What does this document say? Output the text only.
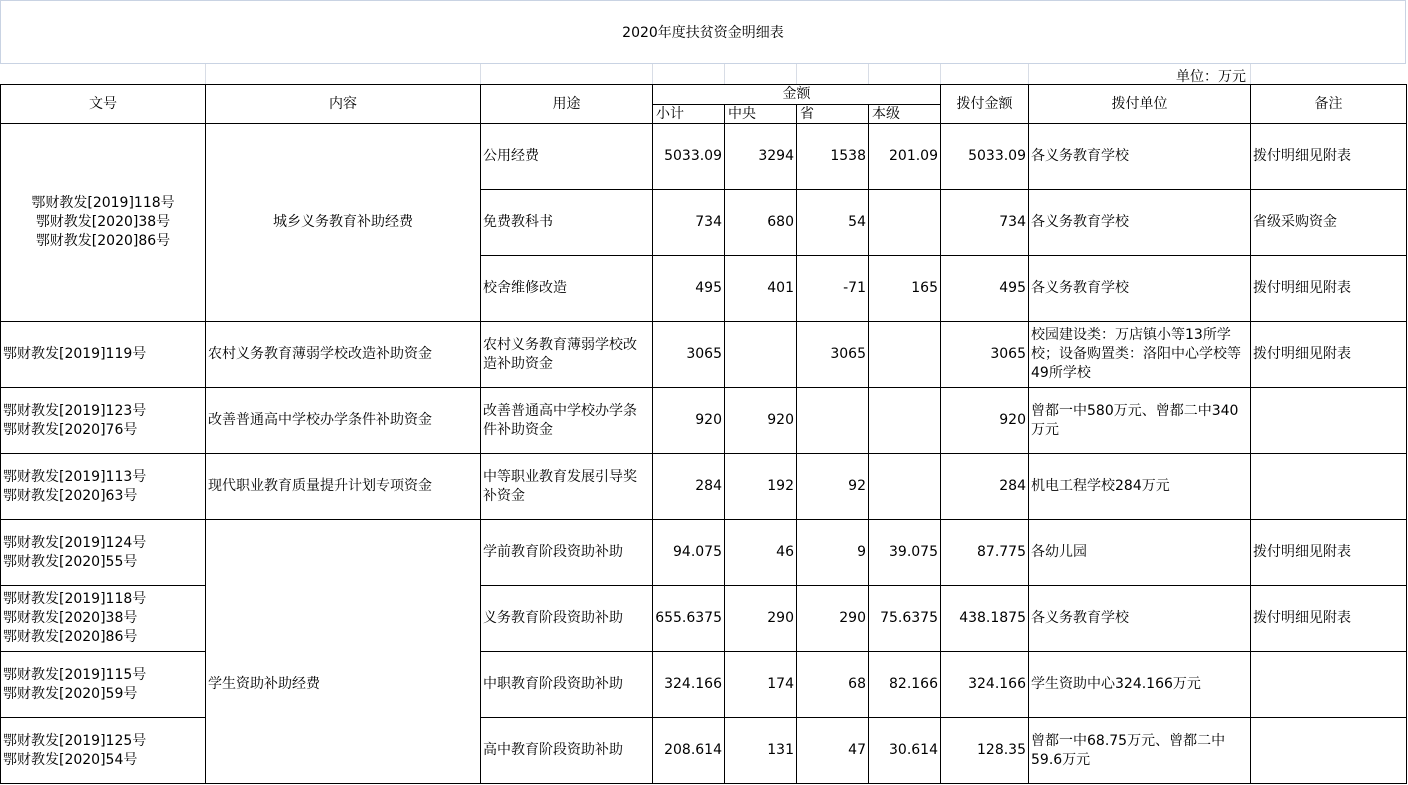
2020年度扶贫资金明细表
单位：万元
文号	内容	用途	金额				拨付金额	拨付单位	备注
			小计	中央	省	本级			
鄂财教发[2019]118号
鄂财教发[2020]38号
鄂财教发[2020]86号	城乡义务教育补助经费	公用经费	5033.09	3294	1538	201.09	5033.09	各义务教育学校	拨付明细见附表
		免费教科书	734	680	54		734	各义务教育学校	省级采购资金
		校舍维修改造	495	401	-71	165	495	各义务教育学校	拨付明细见附表
鄂财教发[2019]119号	农村义务教育薄弱学校改造补助资金	农村义务教育薄弱学校改造补助资金	3065		3065		3065	校园建设类：万店镇小等13所学校；设备购置类：洛阳中心学校等49所学校	拨付明细见附表
鄂财教发[2019]123号
鄂财教发[2020]76号	改善普通高中学校办学条件补助资金	改善普通高中学校办学条件补助资金	920	920			920	曾都一中580万元、曾都二中340万元	
鄂财教发[2019]113号
鄂财教发[2020]63号	现代职业教育质量提升计划专项资金	中等职业教育发展引导奖补资金	284	192	92		284	机电工程学校284万元	
鄂财教发[2019]124号
鄂财教发[2020]55号	学生资助补助经费	学前教育阶段资助补助	94.075	46	9	39.075	87.775	各幼儿园	拨付明细见附表
鄂财教发[2019]118号
鄂财教发[2020]38号
鄂财教发[2020]86号		义务教育阶段资助补助	655.6375	290	290	75.6375	438.1875	各义务教育学校	拨付明细见附表
鄂财教发[2019]115号
鄂财教发[2020]59号		中职教育阶段资助补助	324.166	174	68	82.166	324.166	学生资助中心324.166万元	
鄂财教发[2019]125号
鄂财教发[2020]54号		高中教育阶段资助补助	208.614	131	47	30.614	128.35	曾都一中68.75万元、曾都二中59.6万元	
